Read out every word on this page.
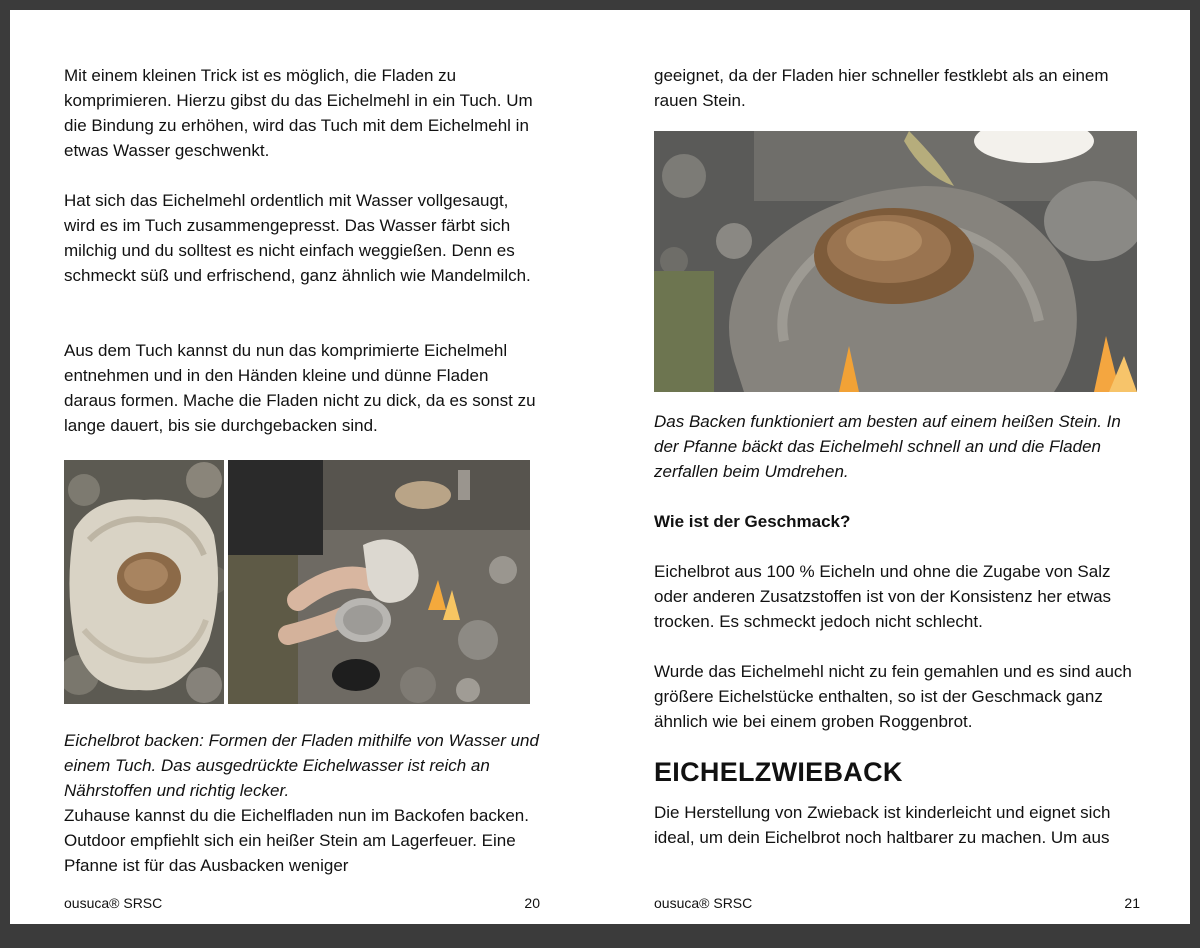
Mit einem kleinen Trick ist es möglich, die Fladen zu komprimieren. Hierzu gibst du das Eichelmehl in ein Tuch. Um die Bindung zu erhöhen, wird das Tuch mit dem Eichelmehl in etwas Wasser geschwenkt.

Hat sich das Eichelmehl ordentlich mit Wasser vollgesaugt, wird es im Tuch zusammengepresst. Das Wasser färbt sich milchig und du solltest es nicht einfach weggießen. Denn es schmeckt süß und erfrischend, ganz ähnlich wie Mandelmilch.

Aus dem Tuch kannst du nun das komprimierte Eichelmehl entnehmen und in den Händen kleine und dünne Fladen daraus formen. Mache die Fladen nicht zu dick, da es sonst zu lange dauert, bis sie durchgebacken sind.

Eichelbrot backen: Formen der Fladen mithilfe von Wasser und einem Tuch. Das ausgedrückte Eichelwasser ist reich an Nährstoffen und richtig lecker.

Zuhause kannst du die Eichelfladen nun im Backofen backen. Outdoor empfiehlt sich ein heißer Stein am Lagerfeuer. Eine Pfanne ist für das Ausbacken weniger

ousuca® SRSC	20

geeignet, da der Fladen hier schneller festklebt als an einem rauen Stein.

Das Backen funktioniert am besten auf einem heißen Stein. In der Pfanne bäckt das Eichelmehl schnell an und die Fladen zerfallen beim Umdrehen.

Wie ist der Geschmack?

Eichelbrot aus 100 % Eicheln und ohne die Zugabe von Salz oder anderen Zusatzstoffen ist von der Konsistenz her etwas trocken. Es schmeckt jedoch nicht schlecht.

Wurde das Eichelmehl nicht zu fein gemahlen und es sind auch größere Eichelstücke enthalten, so ist der Geschmack ganz ähnlich wie bei einem groben Roggenbrot.

EICHELZWIEBACK

Die Herstellung von Zwieback ist kinderleicht und eignet sich ideal, um dein Eichelbrot noch haltbarer zu machen. Um aus

ousuca® SRSC	21
